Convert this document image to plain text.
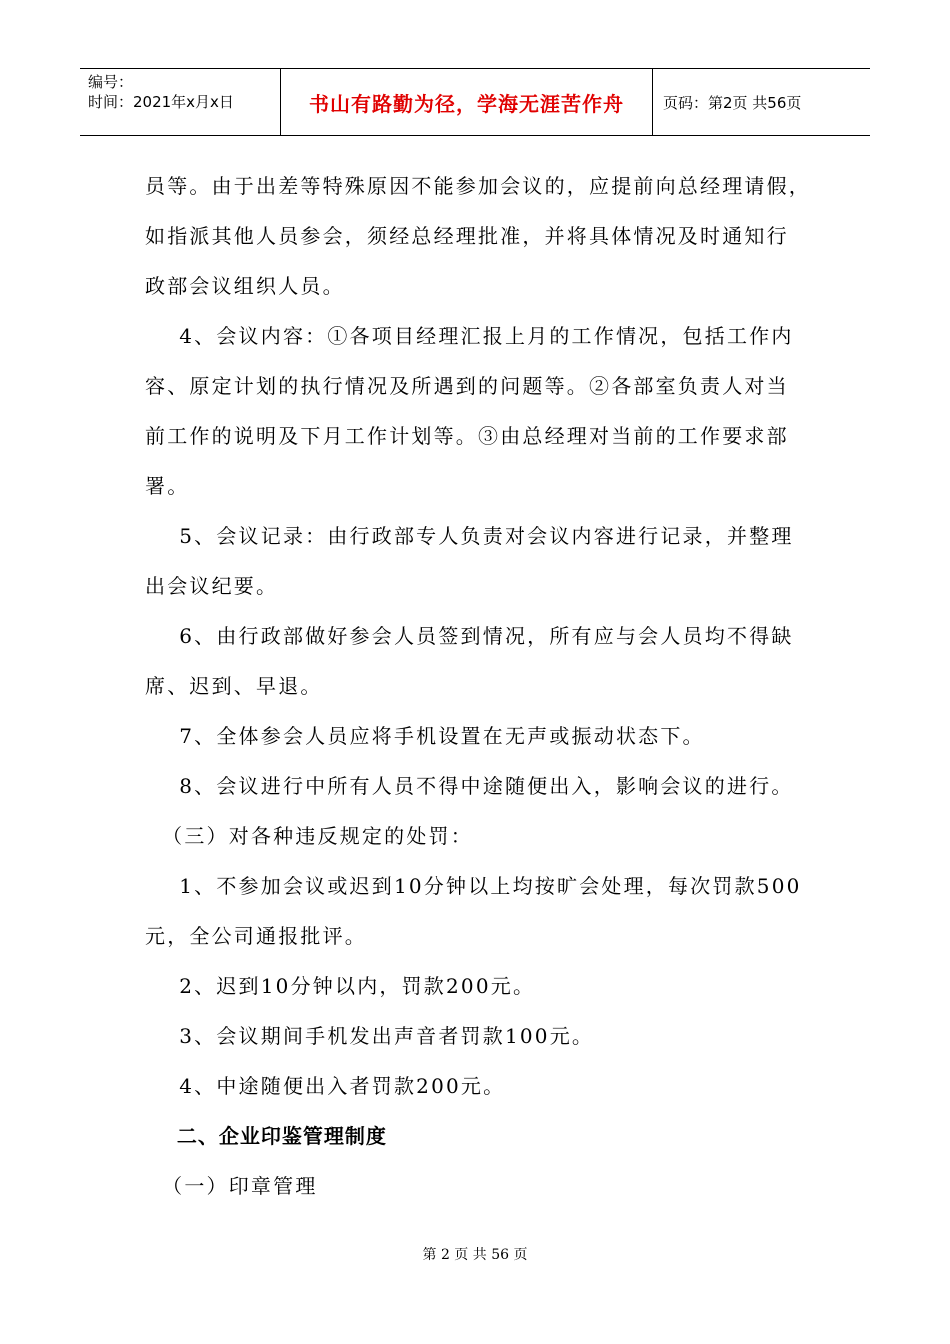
编号：
时间：2021年x月x日	书山有路勤为径，学海无涯苦作舟	页码：第2页 共56页
员等。由于出差等特殊原因不能参加会议的，应提前向总经理请假，
如指派其他人员参会，须经总经理批准，并将具体情况及时通知行
政部会议组织人员。
4、会议内容：①各项目经理汇报上月的工作情况，包括工作内
容、原定计划的执行情况及所遇到的问题等。②各部室负责人对当
前工作的说明及下月工作计划等。③由总经理对当前的工作要求部
署。
5、会议记录：由行政部专人负责对会议内容进行记录，并整理
出会议纪要。
6、由行政部做好参会人员签到情况，所有应与会人员均不得缺
席、迟到、早退。
7、全体参会人员应将手机设置在无声或振动状态下。
8、会议进行中所有人员不得中途随便出入，影响会议的进行。
（三）对各种违反规定的处罚：
1、不参加会议或迟到10分钟以上均按旷会处理，每次罚款500
元，全公司通报批评。
2、迟到10分钟以内，罚款200元。
3、会议期间手机发出声音者罚款100元。
4、中途随便出入者罚款200元。
二、企业印鉴管理制度
（一）印章管理
第 2 页 共 56 页
